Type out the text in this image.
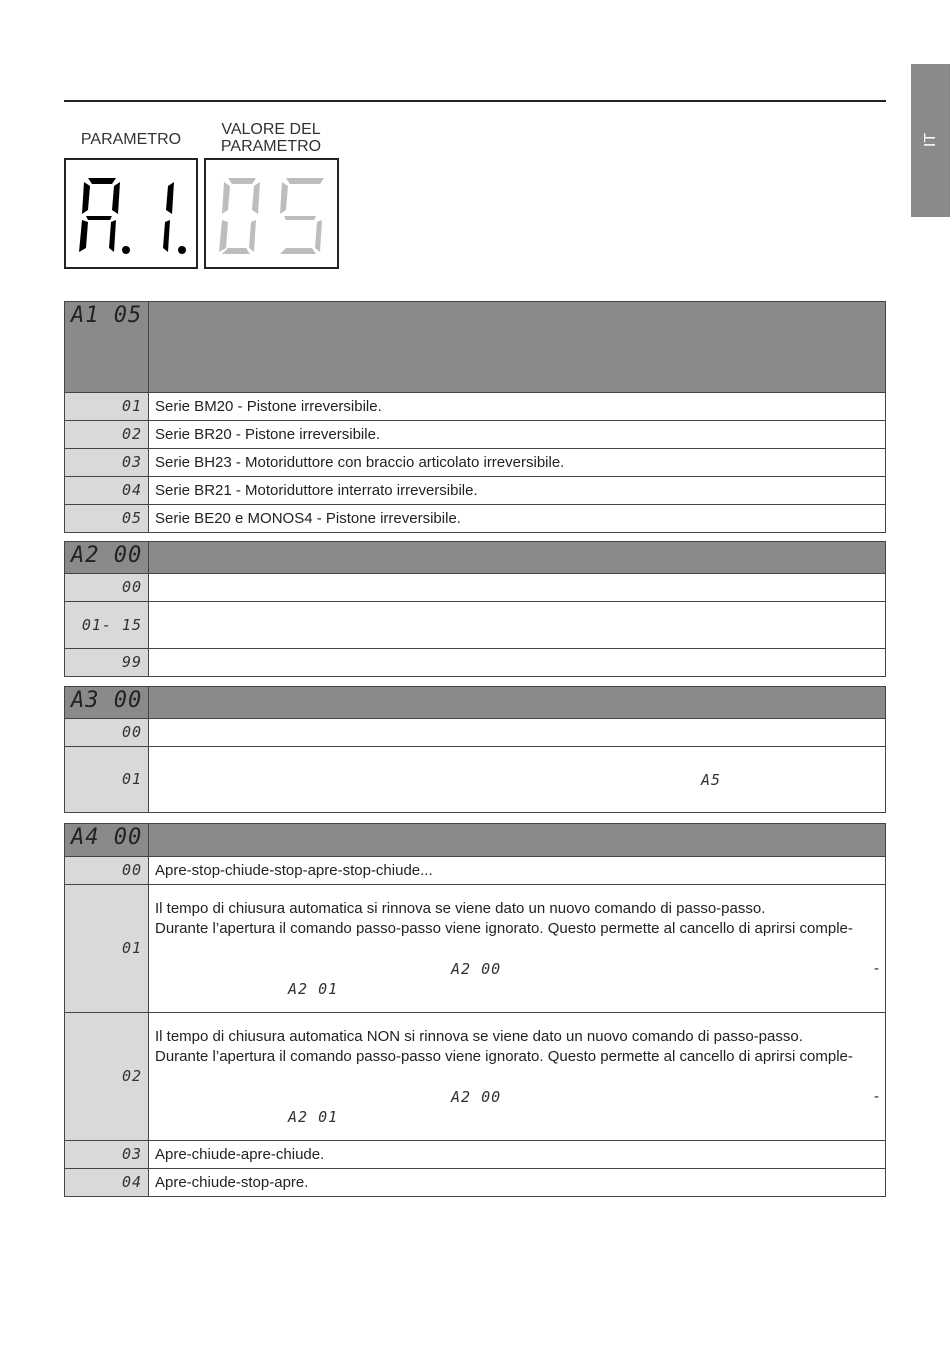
IT
PARAMETRO
VALORE DEL
PARAMETRO
A1 05	
01	Serie BM20 - Pistone irreversibile.
02	Serie BR20 - Pistone irreversibile.
03	Serie BH23 - Motoriduttore con braccio articolato irreversibile.
04	Serie BR21 - Motoriduttore interrato irreversibile.
05	Serie BE20 e MONOS4 - Pistone irreversibile.
A2 00	
00	
01- 15	
99	
A3 00	
00	
01	A5
A4 00	
00	Apre-stop-chiude-stop-apre-stop-chiude...
01	Il tempo di chiusura automatica si rinnova se viene dato un nuovo comando di passo-passo.
Durante l’apertura il comando passo-passo viene ignorato. Questo permette al cancello di aprirsi comple-
A2 00 -
A2 01

02	Il tempo di chiusura automatica NON si rinnova se viene dato un nuovo comando di passo-passo.
Durante l’apertura il comando passo-passo viene ignorato. Questo permette al cancello di aprirsi comple-
A2 00 -
A2 01

03	Apre-chiude-apre-chiude.
04	Apre-chiude-stop-apre.
